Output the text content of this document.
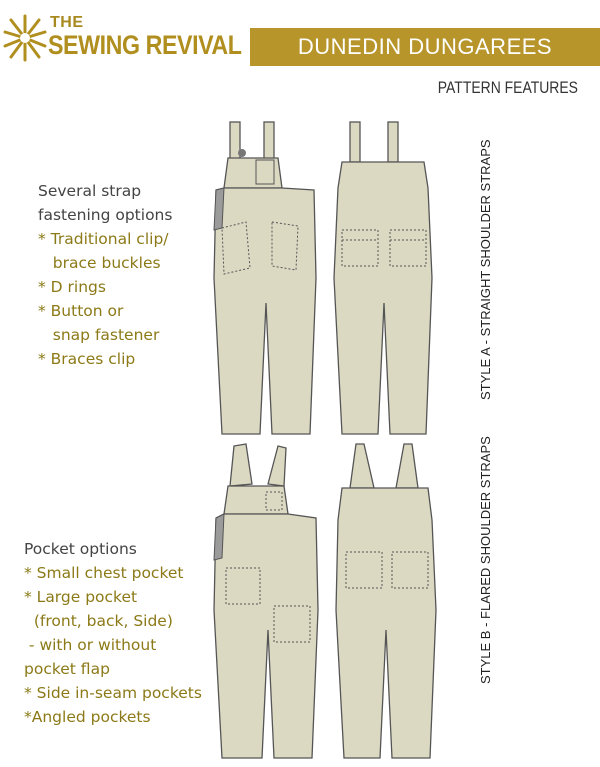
THE
SEWING REVIVAL	DUNEDIN DUNGAREES
PATTERN FEATURES
Several strap
fastening options
* Traditional clip/
brace buckles
* D rings
* Button or
snap fastener
* Braces clip
Pocket options
* Small chest pocket
* Large pocket
(front, back, Side)
- with or without
pocket flap
* Side in-seam pockets
*Angled pockets
STYLE A - STRAIGHT SHOULDER STRAPS
STYLE B - FLARED SHOULDER STRAPS
